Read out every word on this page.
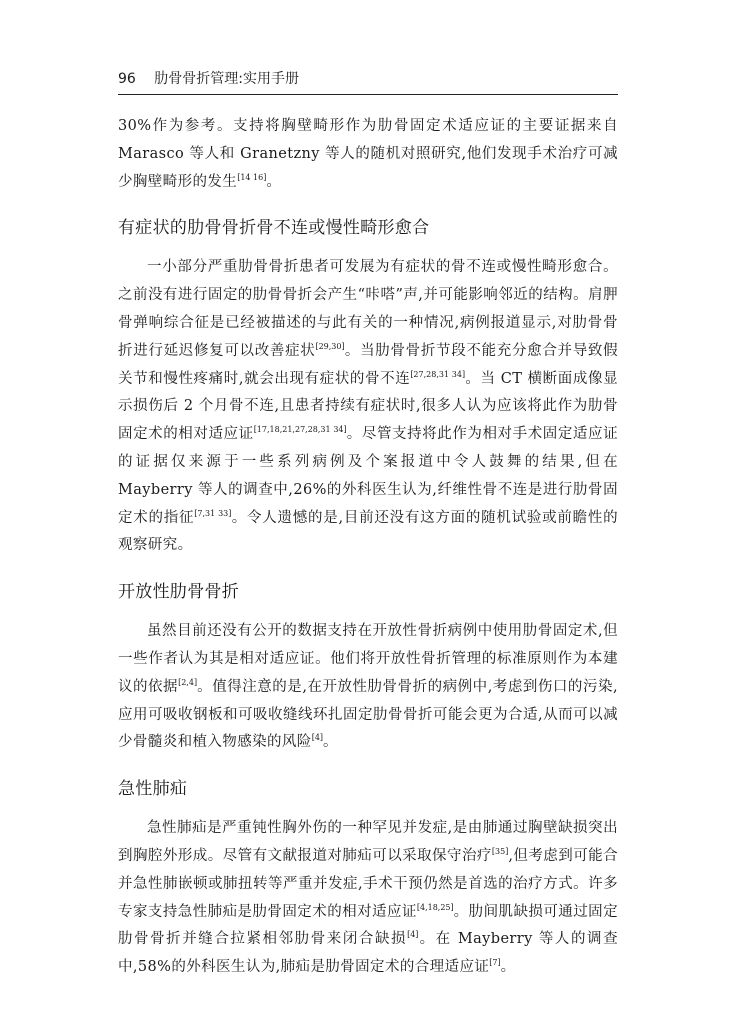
96 肋骨骨折管理:实用手册

30%作为参考。支持将胸壁畸形作为肋骨固定术适应证的主要证据来自Marasco 等人和 Granetzny 等人的随机对照研究,他们发现手术治疗可减少胸壁畸形的发生[14 16]。

有症状的肋骨骨折骨不连或慢性畸形愈合

一小部分严重肋骨骨折患者可发展为有症状的骨不连或慢性畸形愈合。之前没有进行固定的肋骨骨折会产生“咔嗒”声,并可能影响邻近的结构。肩胛骨弹响综合征是已经被描述的与此有关的一种情况,病例报道显示,对肋骨骨折进行延迟修复可以改善症状[29,30]。当肋骨骨折节段不能充分愈合并导致假关节和慢性疼痛时,就会出现有症状的骨不连[27,28,31 34]。当 CT 横断面成像显示损伤后 2 个月骨不连,且患者持续有症状时,很多人认为应该将此作为肋骨固定术的相对适应证[17,18,21,27,28,31 34]。尽管支持将此作为相对手术固定适应证的证据仅来源于一些系列病例及个案报道中令人鼓舞的结果,但在 Mayberry 等人的调查中,26%的外科医生认为,纤维性骨不连是进行肋骨固定术的指征[7,31 33]。令人遗憾的是,目前还没有这方面的随机试验或前瞻性的观察研究。

开放性肋骨骨折

虽然目前还没有公开的数据支持在开放性骨折病例中使用肋骨固定术,但一些作者认为其是相对适应证。他们将开放性骨折管理的标准原则作为本建议的依据[2,4]。值得注意的是,在开放性肋骨骨折的病例中,考虑到伤口的污染,应用可吸收钢板和可吸收缝线环扎固定肋骨骨折可能会更为合适,从而可以减少骨髓炎和植入物感染的风险[4]。

急性肺疝

急性肺疝是严重钝性胸外伤的一种罕见并发症,是由肺通过胸壁缺损突出到胸腔外形成。尽管有文献报道对肺疝可以采取保守治疗[35],但考虑到可能合并急性肺嵌顿或肺扭转等严重并发症,手术干预仍然是首选的治疗方式。许多专家支持急性肺疝是肋骨固定术的相对适应证[4,18,25]。肋间肌缺损可通过固定肋骨骨折并缝合拉紧相邻肋骨来闭合缺损[4]。在 Mayberry 等人的调查中,58%的外科医生认为,肺疝是肋骨固定术的合理适应证[7]。
